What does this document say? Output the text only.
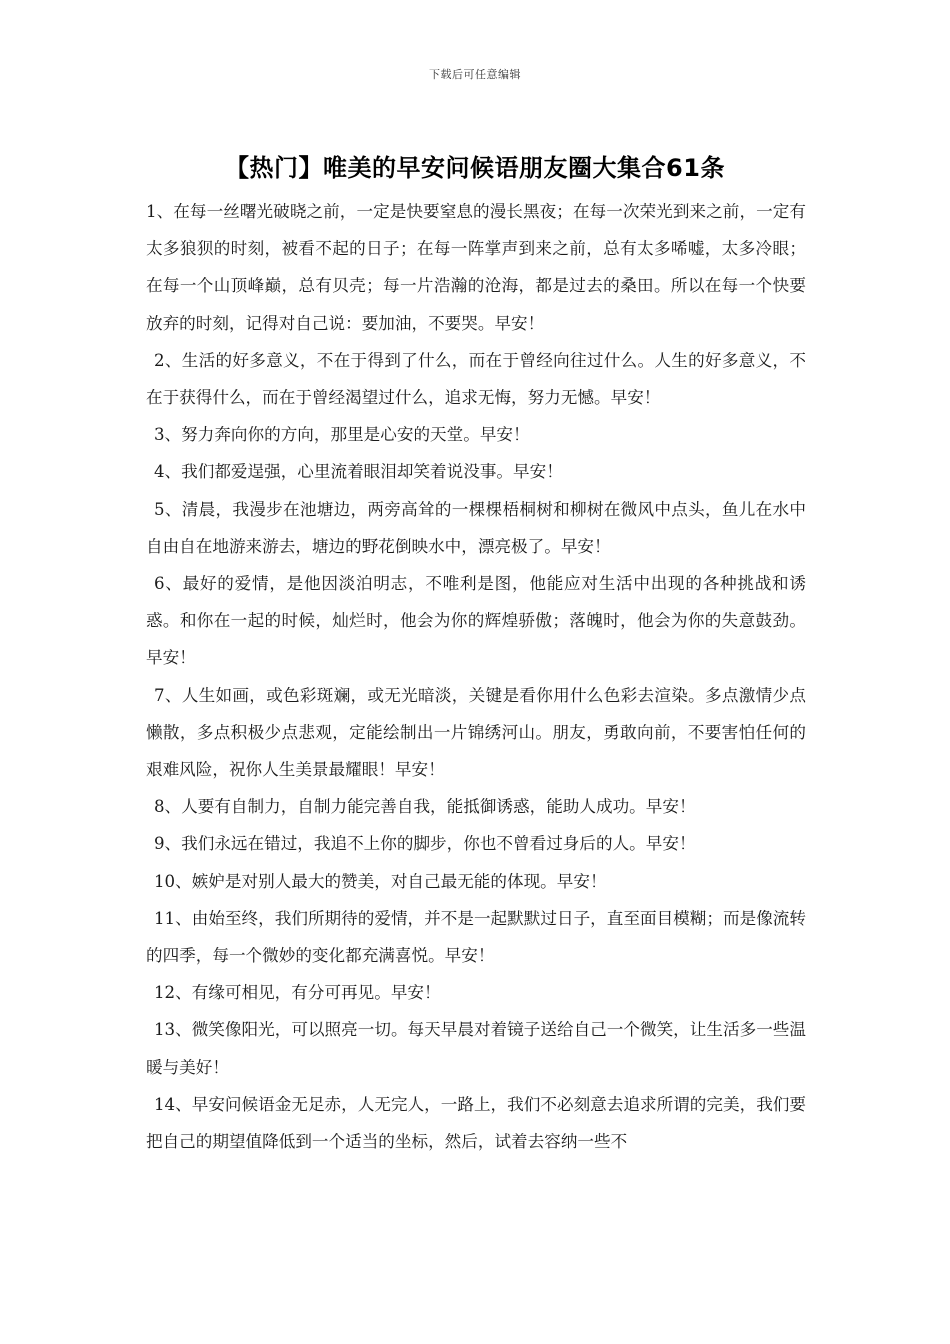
下载后可任意编辑
【热门】唯美的早安问候语朋友圈大集合61条

1、在每一丝曙光破晓之前，一定是快要窒息的漫长黑夜；在每一次荣光到来之前，一定有太多狼狈的时刻，被看不起的日子；在每一阵掌声到来之前，总有太多唏嘘，太多冷眼；在每一个山顶峰巅，总有贝壳；每一片浩瀚的沧海，都是过去的桑田。所以在每一个快要放弃的时刻，记得对自己说：要加油，不要哭。早安！

2、生活的好多意义，不在于得到了什么，而在于曾经向往过什么。人生的好多意义，不在于获得什么，而在于曾经渴望过什么，追求无悔，努力无憾。早安！

3、努力奔向你的方向，那里是心安的天堂。早安！

4、我们都爱逞强，心里流着眼泪却笑着说没事。早安！

5、清晨，我漫步在池塘边，两旁高耸的一棵棵梧桐树和柳树在微风中点头，鱼儿在水中自由自在地游来游去，塘边的野花倒映水中，漂亮极了。早安！

6、最好的爱情，是他因淡泊明志，不唯利是图，他能应对生活中出现的各种挑战和诱惑。和你在一起的时候，灿烂时，他会为你的辉煌骄傲；落魄时，他会为你的失意鼓劲。早安！

7、人生如画，或色彩斑斓，或无光暗淡，关键是看你用什么色彩去渲染。多点激情少点懒散，多点积极少点悲观，定能绘制出一片锦绣河山。朋友，勇敢向前，不要害怕任何的艰难风险，祝你人生美景最耀眼！早安！

8、人要有自制力，自制力能完善自我，能抵御诱惑，能助人成功。早安！

9、我们永远在错过，我追不上你的脚步，你也不曾看过身后的人。早安！

10、嫉妒是对别人最大的赞美，对自己最无能的体现。早安！

11、由始至终，我们所期待的爱情，并不是一起默默过日子，直至面目模糊；而是像流转的四季，每一个微妙的变化都充满喜悦。早安！

12、有缘可相见，有分可再见。早安！

13、微笑像阳光，可以照亮一切。每天早晨对着镜子送给自己一个微笑，让生活多一些温暖与美好！

14、早安问候语金无足赤，人无完人，一路上，我们不必刻意去追求所谓的完美，我们要把自己的期望值降低到一个适当的坐标，然后，试着去容纳一些不
